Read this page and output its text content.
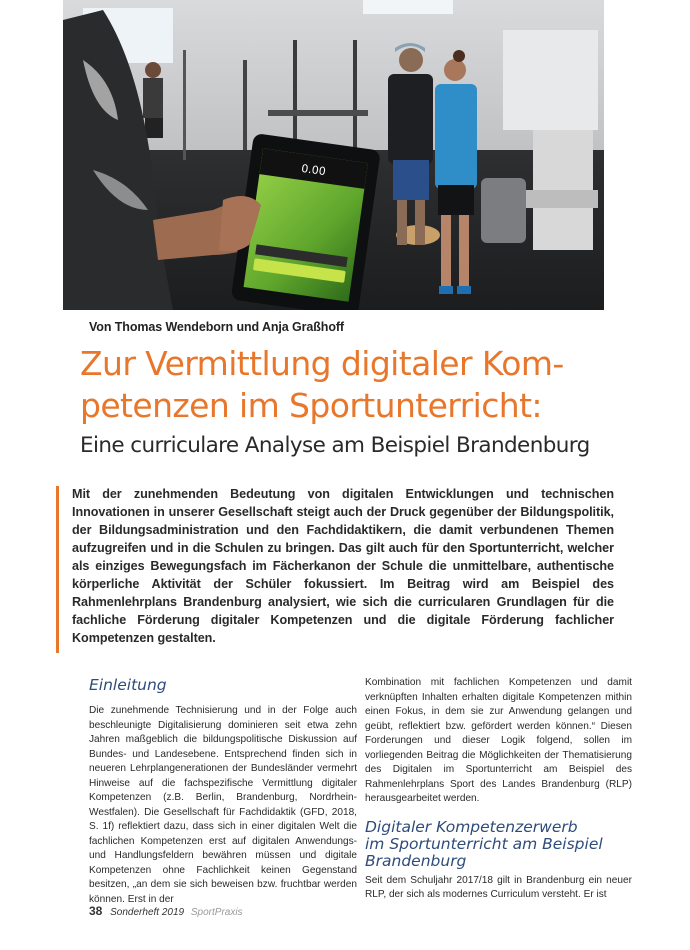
0.00
Von Thomas Wendeborn und Anja Graßhoff
Zur Vermittlung digitaler Kom-
petenzen im Sportunterricht:
Eine curriculare Analyse am Beispiel Brandenburg

Mit der zunehmenden Bedeutung von digitalen Entwicklungen und technischen Innovationen in unserer Gesellschaft steigt auch der Druck gegenüber der Bildungspolitik, der Bildungsadministration und den Fachdidaktikern, die damit verbundenen Themen aufzugreifen und in die Schulen zu bringen. Das gilt auch für den Sportunterricht, welcher als einziges Bewegungsfach im Fächerkanon der Schule die unmittelbare, authentische körperliche Aktivität der Schüler fokussiert. Im Beitrag wird am Beispiel des Rahmenlehrplans Brandenburg analysiert, wie sich die curricularen Grundlagen für die fachliche Förderung digitaler Kompetenzen und die digitale Förderung fachlicher Kompetenzen gestalten.

Einleitung

Die zunehmende Technisierung und in der Folge auch beschleunigte Digitalisierung dominieren seit etwa zehn Jahren maßgeblich die bildungspolitische Diskussion auf Bundes- und Landesebene. Entsprechend finden sich in neueren Lehrplangenerationen der Bundesländer vermehrt Hinweise auf die fachspezifische Vermittlung digitaler Kompetenzen (z.B. Berlin, Brandenburg, Nordrhein-Westfalen). Die Gesellschaft für Fachdidaktik (GFD, 2018, S. 1f) reflektiert dazu, dass sich in einer digitalen Welt die fachlichen Kompetenzen erst auf digitalen Anwendungs- und Handlungsfeldern bewähren müssen und digitale Kompetenzen ohne Fachlichkeit keinen Gegenstand besitzen, „an dem sie sich beweisen bzw. fruchtbar werden können. Erst in der

Kombination mit fachlichen Kompetenzen und damit verknüpften Inhalten erhalten digitale Kompetenzen mithin einen Fokus, in dem sie zur Anwendung gelangen und geübt, reflektiert bzw. gefördert werden können.“ Diesen Forderungen und dieser Logik folgend, sollen im vorliegenden Beitrag die Möglichkeiten der Thematisierung des Digitalen im Sportunterricht am Beispiel des Rahmenlehrplans Sport des Landes Brandenburg (RLP) herausgearbeitet werden.

Digitaler Kompetenzerwerb
im Sportunterricht am Beispiel
Brandenburg

Seit dem Schuljahr 2017/18 gilt in Brandenburg ein neuer RLP, der sich als modernes Curriculum versteht. Er ist

38 Sonderheft 2019 SportPraxis
